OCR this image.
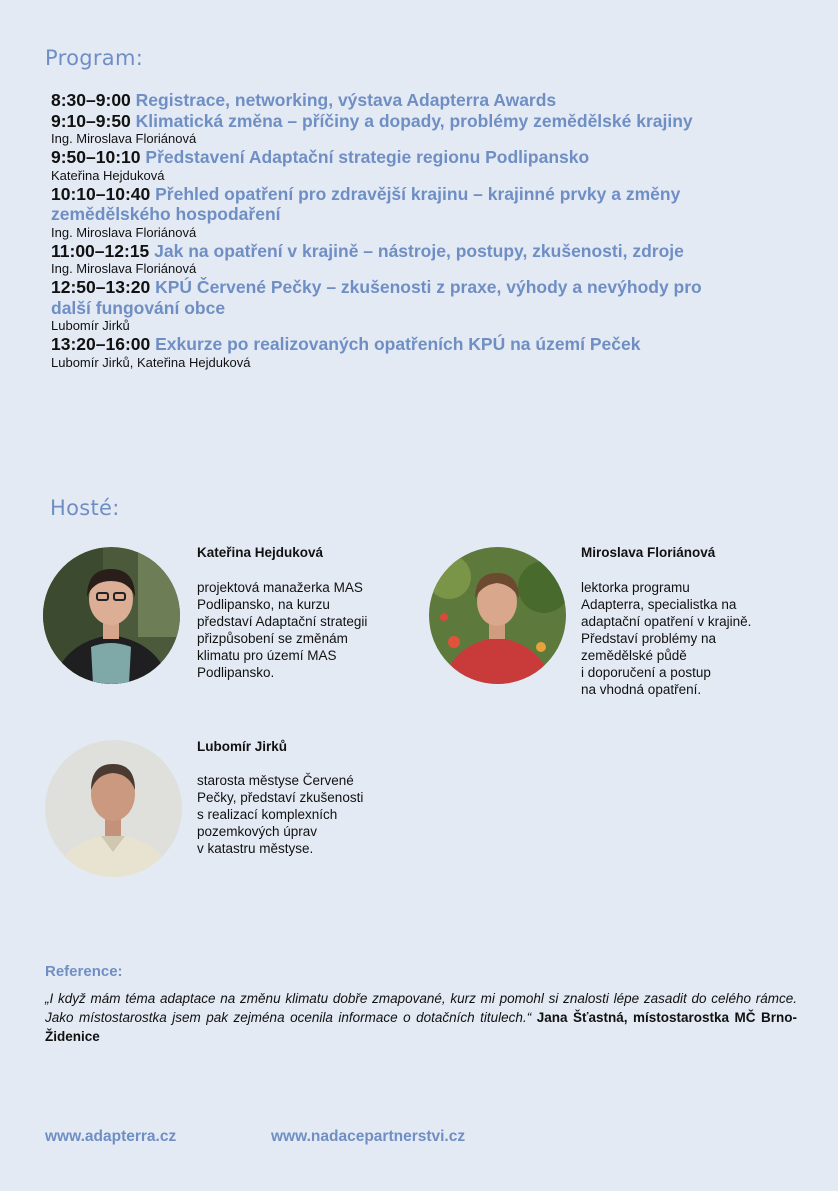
Program:
8:30–9:00 Registrace, networking, výstava Adapterra Awards
9:10–9:50 Klimatická změna – příčiny a dopady, problémy zemědělské krajiny
Ing. Miroslava Floriánová
9:50–10:10 Představení Adaptační strategie regionu Podlipansko
Kateřina Hejduková
10:10–10:40 Přehled opatření pro zdravější krajinu – krajinné prvky a změny zemědělského hospodaření
Ing. Miroslava Floriánová
11:00–12:15 Jak na opatření v krajině – nástroje, postupy, zkušenosti, zdroje
Ing. Miroslava Floriánová
12:50–13:20 KPÚ Červené Pečky – zkušenosti z praxe, výhody a nevýhody pro další fungování obce
Lubomír Jirků
13:20–16:00 Exkurze po realizovaných opatřeních KPÚ na území Peček
Lubomír Jirků, Kateřina Hejduková
Hosté:
Kateřina Hejduková
projektová manažerka MAS
Podlipansko, na kurzu
představí Adaptační strategii
přizpůsobení se změnám
klimatu pro území MAS
Podlipansko.
Miroslava Floriánová
lektorka programu
Adapterra, specialistka na
adaptační opatření v krajině.
Představí problémy na
zemědělské půdě
i doporučení a postup
na vhodná opatření.
Lubomír Jirků
starosta městyse Červené
Pečky, představí zkušenosti
s realizací komplexních
pozemkových úprav
v katastru městyse.
Reference:
„I když mám téma adaptace na změnu klimatu dobře zmapované, kurz mi pomohl si znalosti lépe zasadit do celého rámce. Jako místostarostka jsem pak zejména ocenila informace o dotačních titulech.“ Jana Šťastná, místostarostka MČ Brno-Židenice
www.adapterra.cz	www.nadacepartnerstvi.cz
